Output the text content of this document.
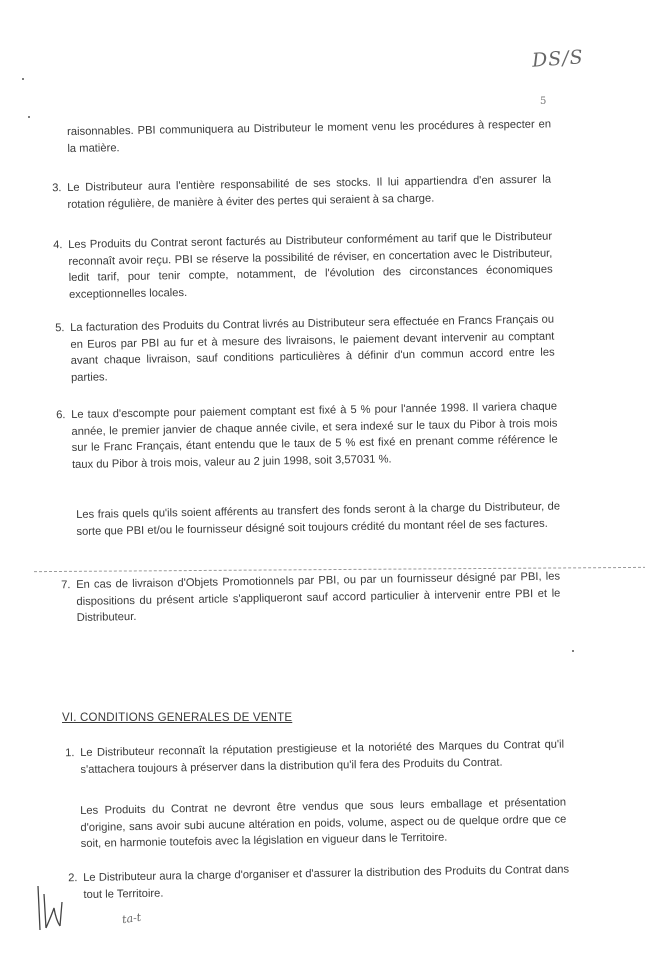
DS/S
5

raisonnables. PBI communiquera au Distributeur le moment venu les procédures à respecter en la matière.

3. Le Distributeur aura l'entière responsabilité de ses stocks. Il lui appartiendra d'en assurer la rotation régulière, de manière à éviter des pertes qui seraient à sa charge.
4. Les Produits du Contrat seront facturés au Distributeur conformément au tarif que le Distributeur reconnaît avoir reçu. PBI se réserve la possibilité de réviser, en concertation avec le Distributeur, ledit tarif, pour tenir compte, notamment, de l'évolution des circonstances économiques exceptionnelles locales.
5. La facturation des Produits du Contrat livrés au Distributeur sera effectuée en Francs Français ou en Euros par PBI au fur et à mesure des livraisons, le paiement devant intervenir au comptant avant chaque livraison, sauf conditions particulières à définir d'un commun accord entre les parties.
6. Le taux d'escompte pour paiement comptant est fixé à 5 % pour l'année 1998. Il variera chaque année, le premier janvier de chaque année civile, et sera indexé sur le taux du Pibor à trois mois sur le Franc Français, étant entendu que le taux de 5 % est fixé en prenant comme référence le taux du Pibor à trois mois, valeur au 2 juin 1998, soit 3,57031 %.

Les frais quels qu'ils soient afférents au transfert des fonds seront à la charge du Distributeur, de sorte que PBI et/ou le fournisseur désigné soit toujours crédité du montant réel de ses factures.

7. En cas de livraison d'Objets Promotionnels par PBI, ou par un fournisseur désigné par PBI, les dispositions du présent article s'appliqueront sauf accord particulier à intervenir entre PBI et le Distributeur.
VI. CONDITIONS GENERALES DE VENTE
1. Le Distributeur reconnaît la réputation prestigieuse et la notoriété des Marques du Contrat qu'il s'attachera toujours à préserver dans la distribution qu'il fera des Produits du Contrat.

Les Produits du Contrat ne devront être vendus que sous leurs emballage et présentation d'origine, sans avoir subi aucune altération en poids, volume, aspect ou de quelque ordre que ce soit, en harmonie toutefois avec la législation en vigueur dans le Territoire.

2. Le Distributeur aura la charge d'organiser et d'assurer la distribution des Produits du Contrat dans tout le Territoire.
ta-t
